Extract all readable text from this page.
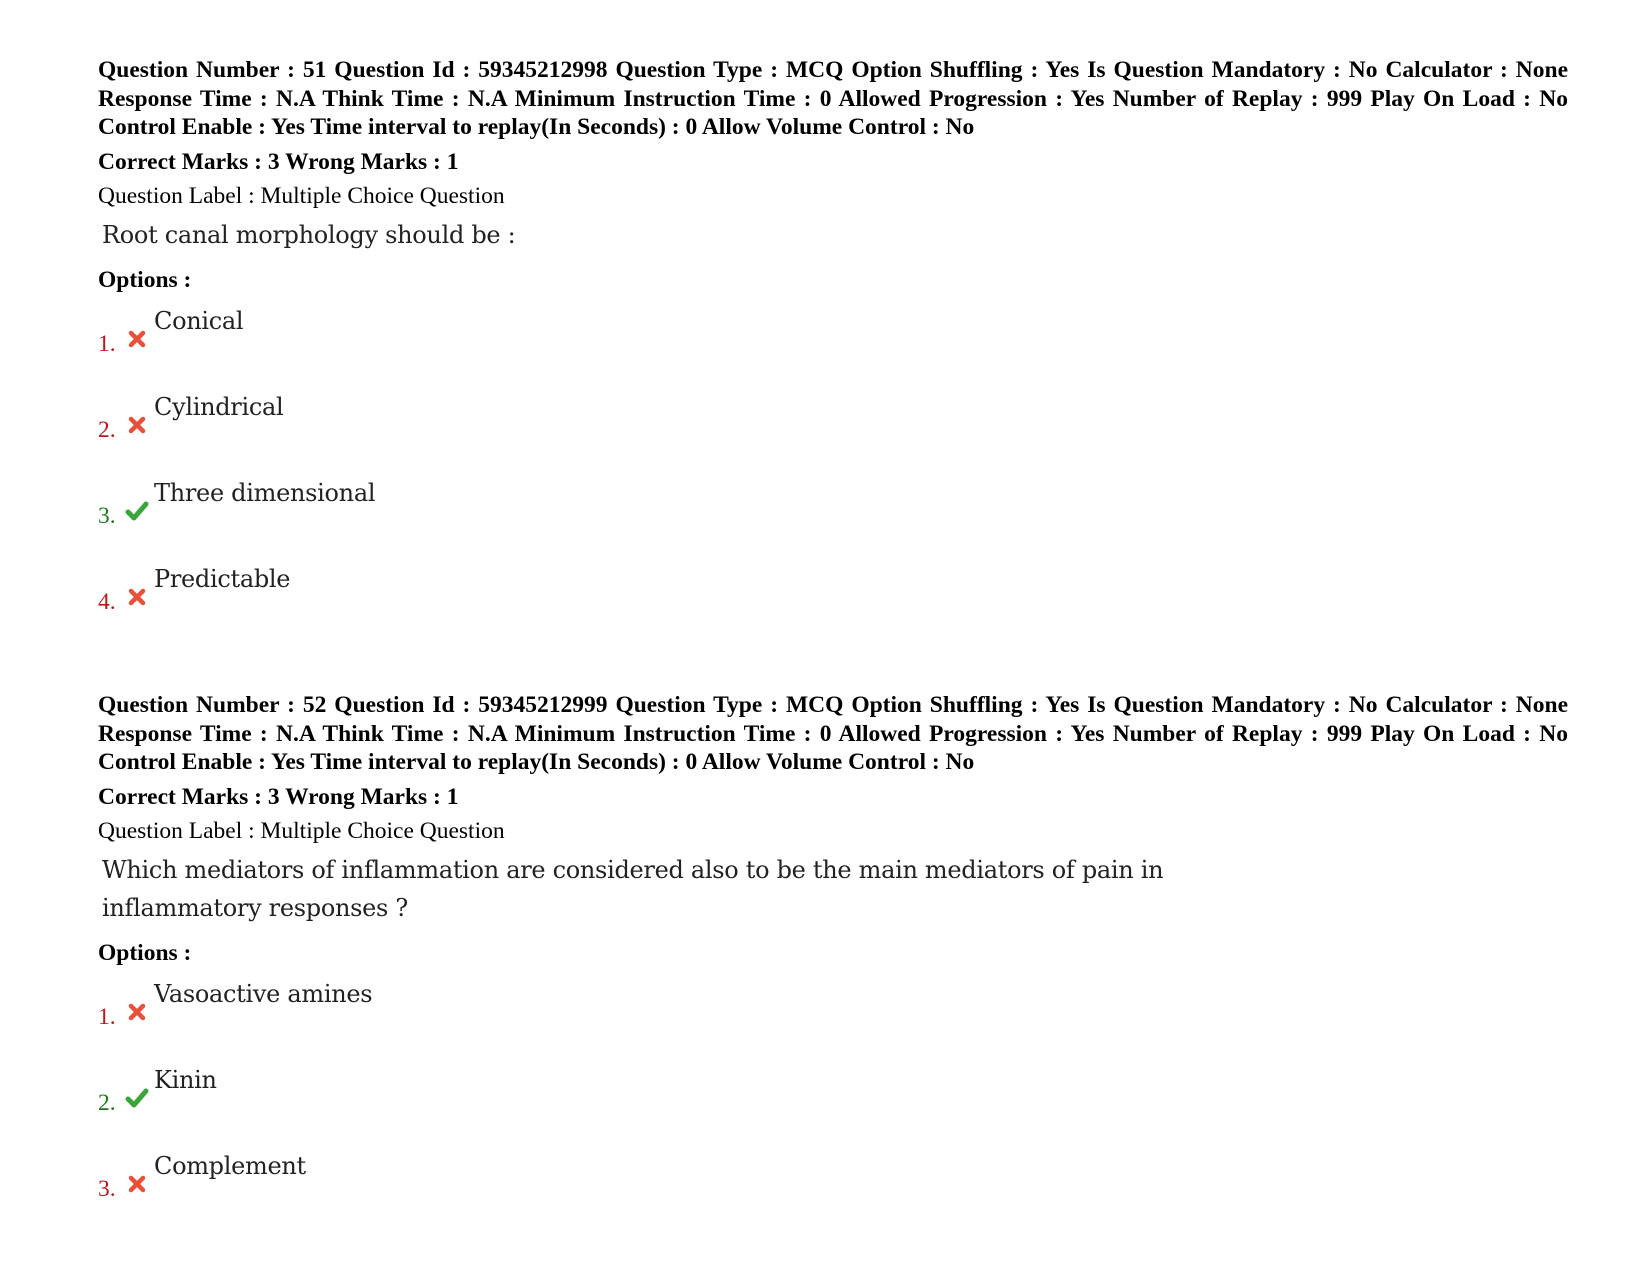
Question Number : 51 Question Id : 59345212998 Question Type : MCQ Option Shuffling : Yes Is Question Mandatory : No Calculator : None Response Time : N.A Think Time : N.A Minimum Instruction Time : 0 Allowed Progression : Yes Number of Replay : 999 Play On Load : No Control Enable : Yes Time interval to replay(In Seconds) : 0 Allow Volume Control : No

Correct Marks : 3 Wrong Marks : 1
Question Label : Multiple Choice Question
Root canal morphology should be :
Options :
1.
Conical
2.
Cylindrical
3.
Three dimensional
4.
Predictable

Question Number : 52 Question Id : 59345212999 Question Type : MCQ Option Shuffling : Yes Is Question Mandatory : No Calculator : None Response Time : N.A Think Time : N.A Minimum Instruction Time : 0 Allowed Progression : Yes Number of Replay : 999 Play On Load : No Control Enable : Yes Time interval to replay(In Seconds) : 0 Allow Volume Control : No

Correct Marks : 3 Wrong Marks : 1
Question Label : Multiple Choice Question
Which mediators of inflammation are considered also to be the main mediators of pain in
inflammatory responses ?
Options :
1.
Vasoactive amines
2.
Kinin
3.
Complement
